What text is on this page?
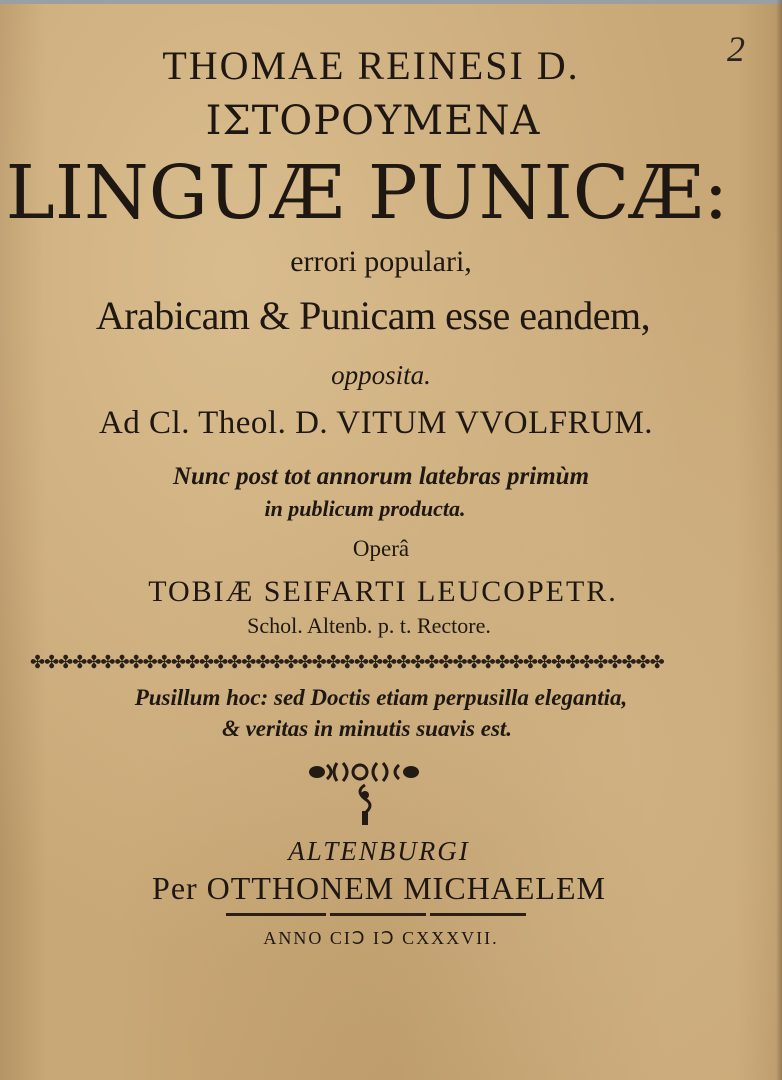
2
THOMAE REINESI D.
ΙΣΤΟΡΟΥΜΕΝΑ
LINGUÆ PUNICÆ:
errori populari,
Arabicam & Punicam esse eandem,
opposita.
Ad Cl. Theol. D. VITUM VVOLFRUM.
Nunc post tot annorum latebras primùm
in publicum producta.
Operâ
TOBIÆ SEIFARTI LEUCOPETR.
Schol. Altenb. p. t. Rectore.
✤✤✤✤✤✤✤✤✤✤✤✤✤✤✤✤✤✤✤✤✤✤✤✤✤✤✤✤✤✤✤✤✤✤✤✤✤✤✤✤✤✤✤✤✤
Pusillum hoc: sed Doctis etiam perpusilla elegantia,
& veritas in minutis suavis est.
ALTENBURGI
Per OTTHONEM MICHAELEM
ANNO CIↃ IↃ CXXXVII.
